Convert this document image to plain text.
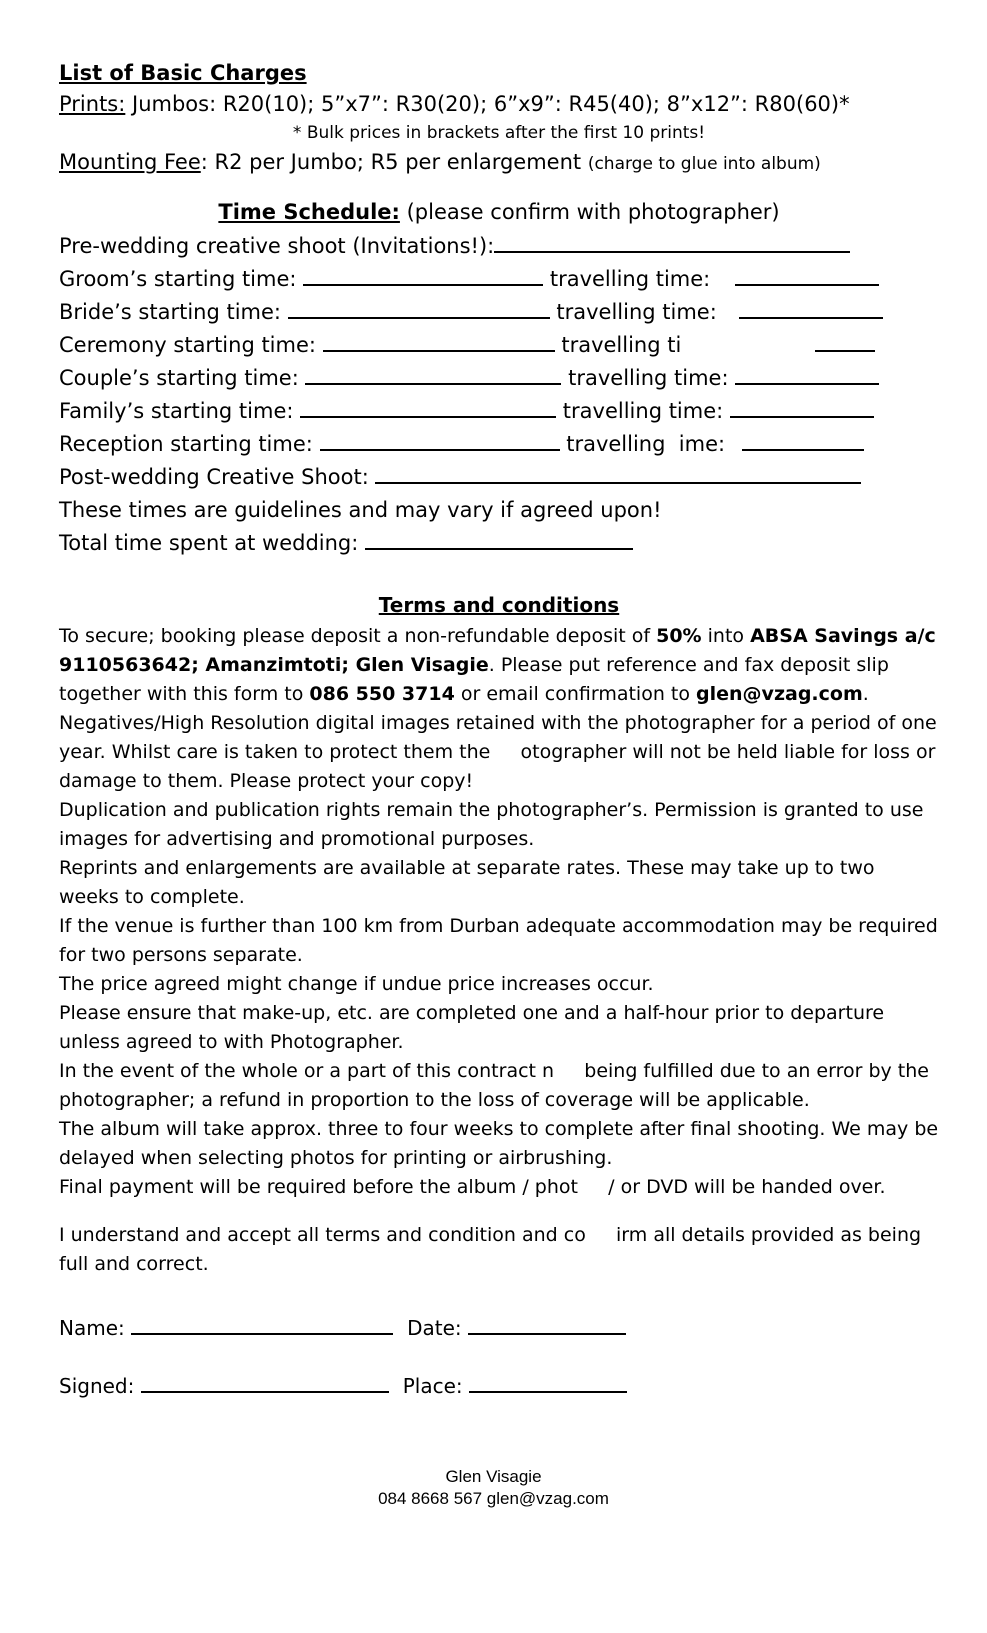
List of Basic Charges
Prints: Jumbos: R20(10); 5”x7”: R30(20); 6”x9”: R45(40); 8”x12”: R80(60)*
* Bulk prices in brackets after the first 10 prints!
Mounting Fee: R2 per Jumbo; R5 per enlargement (charge to glue into album)
Time Schedule: (please confirm with photographer)
Pre-wedding creative shoot (Invitations!):
Groom’s starting time:	travelling time:
Bride’s starting time:	travelling time:
Ceremony starting time:	travelling ti
Couple’s starting time:	travelling time:
Family’s starting time:	travelling time:
Reception starting time:	travelling  ime:
Post-wedding Creative Shoot:
These times are guidelines and may vary if agreed upon!
Total time spent at wedding:
Terms and conditions

To secure; booking please deposit a non-refundable deposit of 50% into ABSA Savings a/c 9110563642; Amanzimtoti; Glen Visagie. Please put reference and fax deposit slip together with this form to 086 550 3714 or email confirmation to glen@vzag.com.

Negatives/High Resolution digital images retained with the photographer for a period of one year. Whilst care is taken to protect them the     otographer will not be held liable for loss or damage to them. Please protect your copy!

Duplication and publication rights remain the photographer’s. Permission is granted to use images for advertising and promotional purposes.

Reprints and enlargements are available at separate rates. These may take up to two weeks to complete.

If the venue is further than 100 km from Durban adequate accommodation may be required for two persons separate.

The price agreed might change if undue price increases occur.

Please ensure that make-up, etc. are completed one and a half-hour prior to departure unless agreed to with Photographer.

In the event of the whole or a part of this contract n     being fulfilled due to an error by the photographer; a refund in proportion to the loss of coverage will be applicable.

The album will take approx. three to four weeks to complete after final shooting. We may be delayed when selecting photos for printing or airbrushing.

Final payment will be required before the album / phot     / or DVD will be handed over.

I understand and accept all terms and condition and co     irm all details provided as being full and correct.

Name:	Date:
Signed:	Place:
Glen Visagie
084 8668 567 glen@vzag.com
